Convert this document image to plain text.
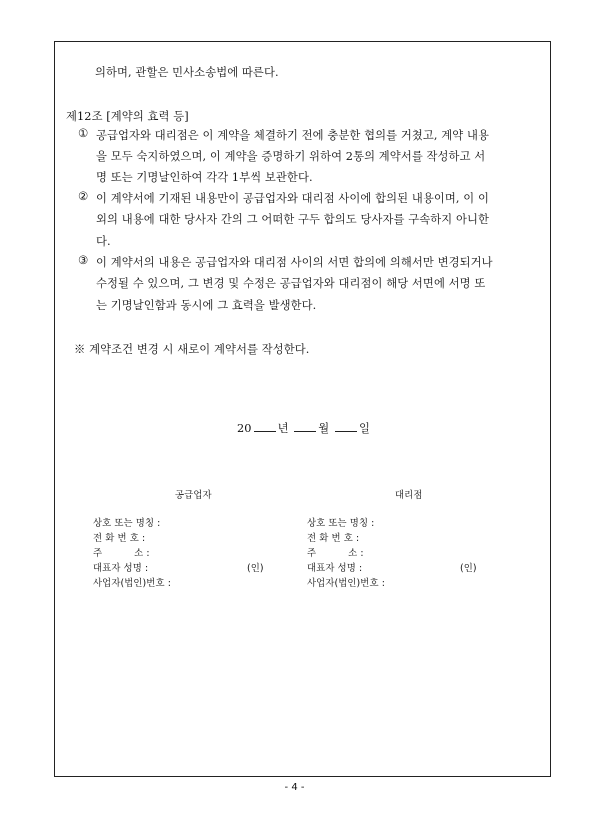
의하며, 관할은 민사소송법에 따른다.
제12조 [계약의 효력 등]
① 공급업자와 대리점은 이 계약을 체결하기 전에 충분한 협의를 거쳤고, 계약 내용
을 모두 숙지하였으며, 이 계약을 증명하기 위하여 2통의 계약서를 작성하고 서
명 또는 기명날인하여 각각 1부씩 보관한다.
② 이 계약서에 기재된 내용만이 공급업자와 대리점 사이에 합의된 내용이며, 이 이
외의 내용에 대한 당사자 간의 그 어떠한 구두 합의도 당사자를 구속하지 아니한
다.
③ 이 계약서의 내용은 공급업자와 대리점 사이의 서면 합의에 의해서만 변경되거나
수정될 수 있으며, 그 변경 및 수정은 공급업자와 대리점이 해당 서면에 서명 또
는 기명날인함과 동시에 그 효력을 발생한다.
※ 계약조건 변경 시 새로이 계약서를 작성한다.
20 년	월	일
공급업자
상호 또는 명칭 :
전 화 번 호 :
주	소 :
대표자 성명 :	(인)
사업자(법인)번호 :
대리점
상호 또는 명칭 :
전 화 번 호 :
주	소 :
대표자 성명 :	(인)
사업자(법인)번호 :
- 4 -
